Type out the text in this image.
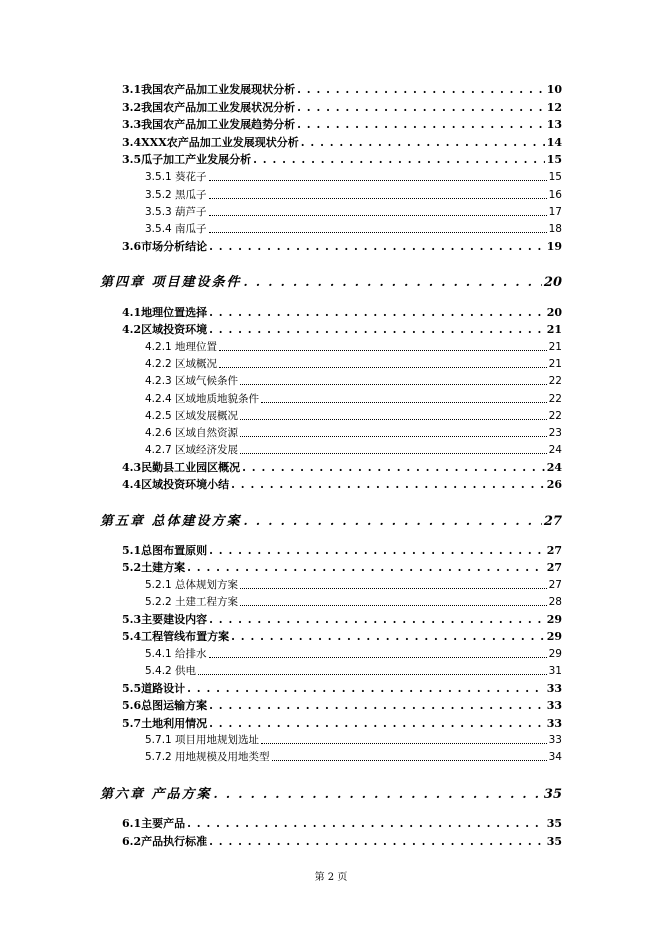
3.1我国农产品加工业发展现状分析 . . .	10
3.2我国农产品加工业发展状况分析 . . .	12
3.3我国农产品加工业发展趋势分析 . . .	13
3.4XXX农产品加工业发展现状分析 . . .	14
3.5瓜子加工产业发展分析 . . .	15
3.5.1 葵花子	15
3.5.2 黑瓜子	16
3.5.3 葫芦子	17
3.5.4 南瓜子	18
3.6市场分析结论 . . .	19
第四章 项目建设条件 . . .	20
4.1地理位置选择 . . .	20
4.2区域投资环境 . . .	21
4.2.1 地理位置	21
4.2.2 区域概况	21
4.2.3 区域气候条件	22
4.2.4 区域地质地貌条件	22
4.2.5 区域发展概况	22
4.2.6 区域自然资源	23
4.2.7 区域经济发展	24
4.3民勤县工业园区概况 . . .	24
4.4区域投资环境小结 . . .	26
第五章 总体建设方案 . . .	27
5.1总图布置原则 . . .	27
5.2土建方案 . . .	27
5.2.1 总体规划方案	27
5.2.2 土建工程方案	28
5.3主要建设内容 . . .	29
5.4工程管线布置方案 . . .	29
5.4.1 给排水	29
5.4.2 供电	31
5.5道路设计 . . .	33
5.6总图运输方案 . . .	33
5.7土地利用情况 . . .	33
5.7.1 项目用地规划选址	33
5.7.2 用地规模及用地类型	34
第六章 产品方案 . . .	35
6.1主要产品 . . .	35
6.2产品执行标准 . . .	35
第 2 页
